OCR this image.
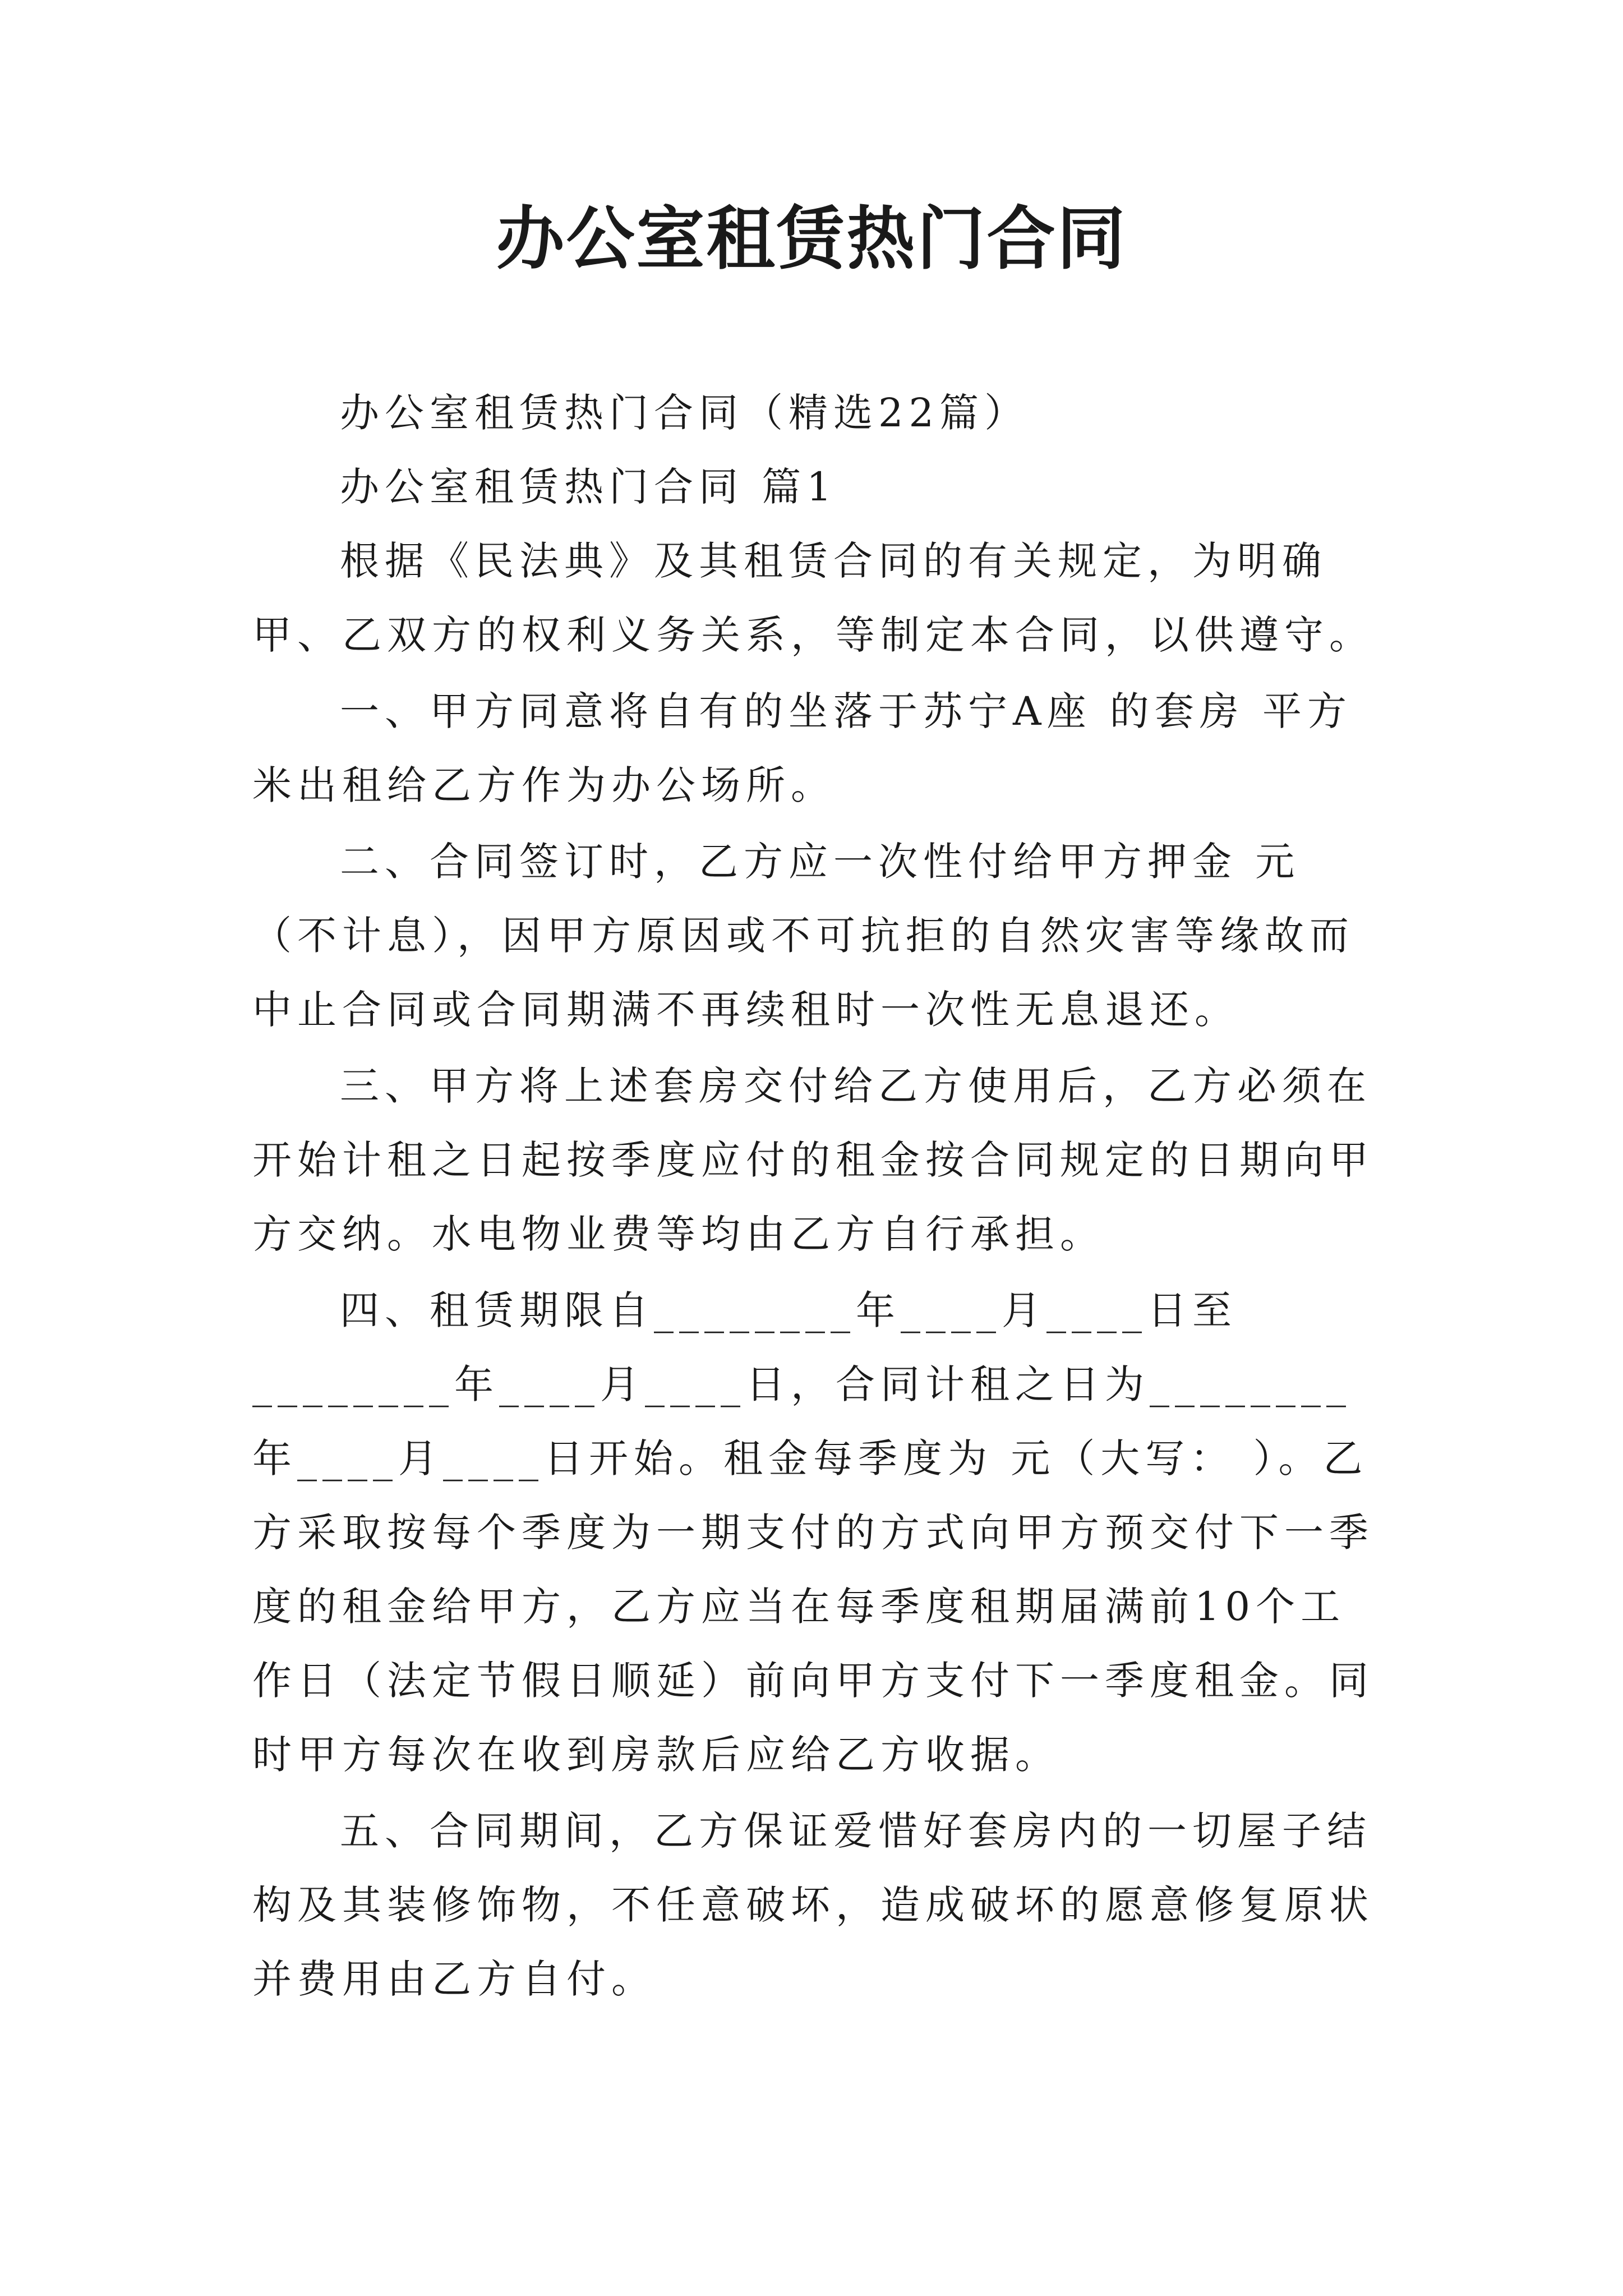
办公室租赁热门合同

办公室租赁热门合同（精选22篇）

办公室租赁热门合同 篇1

根据《民法典》及其租赁合同的有关规定，为明确甲、乙双方的权利义务关系，等制定本合同，以供遵守。

一、甲方同意将自有的坐落于苏宁A座 的套房 平方米出租给乙方作为办公场所。

二、合同签订时，乙方应一次性付给甲方押金 元（不计息），因甲方原因或不可抗拒的自然灾害等缘故而中止合同或合同期满不再续租时一次性无息退还。

三、甲方将上述套房交付给乙方使用后，乙方必须在开始计租之日起按季度应付的租金按合同规定的日期向甲方交纳。水电物业费等均由乙方自行承担。

四、租赁期限自________年____月____日至________年____月____日，合同计租之日为________年____月____日开始。租金每季度为 元（大写： ）。乙方采取按每个季度为一期支付的方式向甲方预交付下一季度的租金给甲方，乙方应当在每季度租期届满前10个工作日（法定节假日顺延）前向甲方支付下一季度租金。同时甲方每次在收到房款后应给乙方收据。

五、合同期间，乙方保证爱惜好套房内的一切屋子结构及其装修饰物，不任意破坏，造成破坏的愿意修复原状并费用由乙方自付。
